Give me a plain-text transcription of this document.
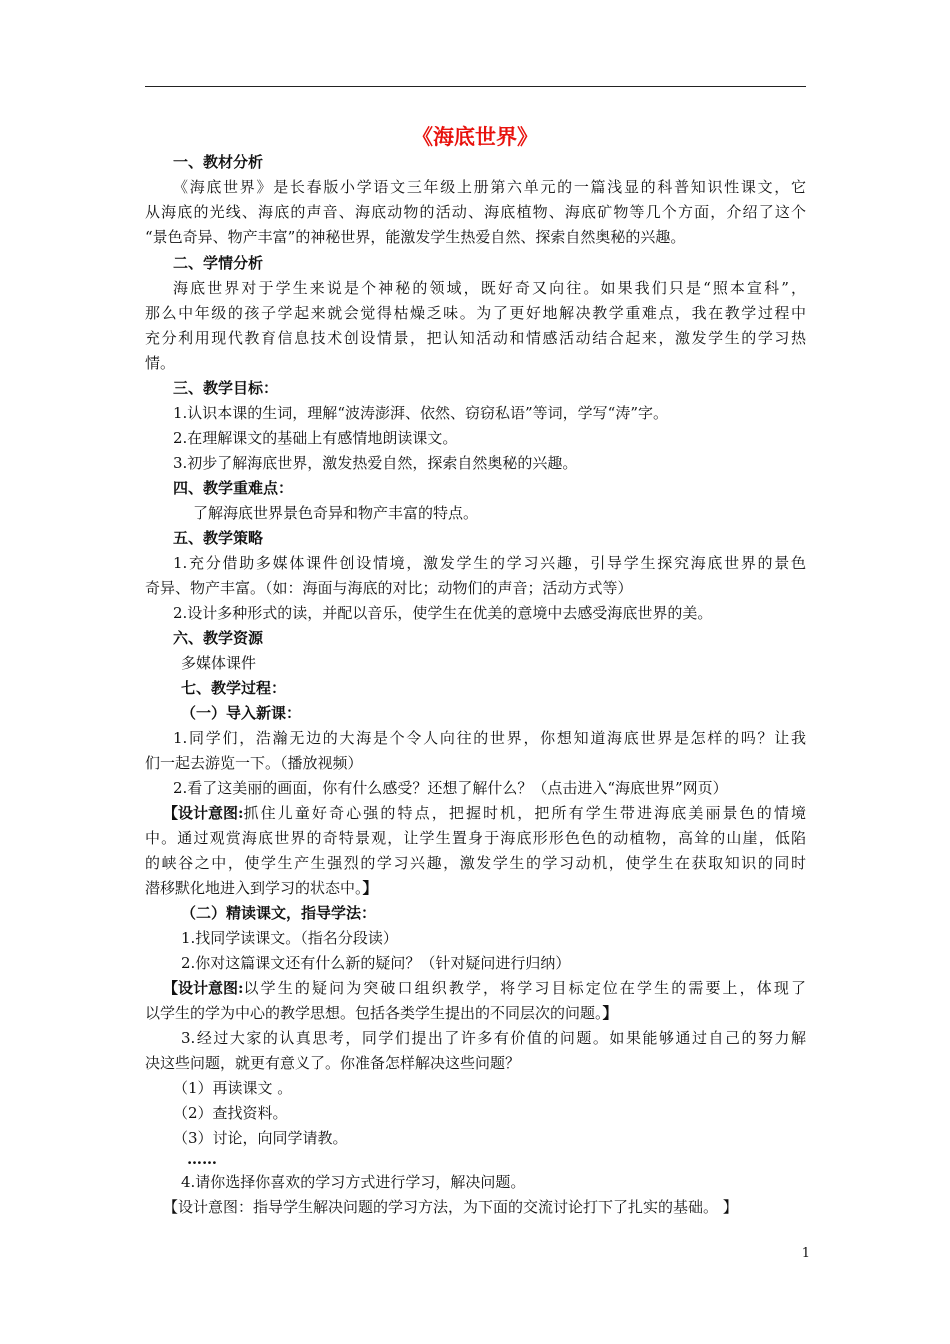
《海底世界》
一、教材分析
《海底世界》是长春版小学语文三年级上册第六单元的一篇浅显的科普知识性课文，它
从海底的光线、海底的声音、海底动物的活动、海底植物、海底矿物等几个方面，介绍了这个
“景色奇异、物产丰富”的神秘世界，能激发学生热爱自然、探索自然奥秘的兴趣。
二、学情分析
海底世界对于学生来说是个神秘的领域，既好奇又向往。如果我们只是“照本宣科”，
那么中年级的孩子学起来就会觉得枯燥乏味。为了更好地解决教学重难点，我在教学过程中
充分利用现代教育信息技术创设情景，把认知活动和情感活动结合起来，激发学生的学习热
情。
三、教学目标：
1.认识本课的生词，理解“波涛澎湃、依然、窃窃私语”等词，学写“涛”字。
2.在理解课文的基础上有感情地朗读课文。
3.初步了解海底世界，激发热爱自然，探索自然奥秘的兴趣。
四、教学重难点：
了解海底世界景色奇异和物产丰富的特点。
五、教学策略
1.充分借助多媒体课件创设情境，激发学生的学习兴趣，引导学生探究海底世界的景色
奇异、物产丰富。（如：海面与海底的对比；动物们的声音；活动方式等）
2.设计多种形式的读，并配以音乐，使学生在优美的意境中去感受海底世界的美。
六、教学资源
多媒体课件
七、教学过程：
（一）导入新课：
1.同学们，浩瀚无边的大海是个令人向往的世界，你想知道海底世界是怎样的吗？让我
们一起去游览一下。（播放视频）
2.看了这美丽的画面，你有什么感受？还想了解什么？（点击进入“海底世界”网页）
【设计意图: 抓住儿童好奇心强的特点，把握时机，把所有学生带进海底美丽景色的情境
中。通过观赏海底世界的奇特景观，让学生置身于海底形形色色的动植物，高耸的山崖，低陷
的峡谷之中，使学生产生强烈的学习兴趣，激发学生的学习动机，使学生在获取知识的同时
潜移默化地进入到学习的状态中。】
（二）精读课文，指导学法：
1.找同学读课文。（指名分段读）
2.你对这篇课文还有什么新的疑问？（针对疑问进行归纳）
【设计意图: 以学生的疑问为突破口组织教学，将学习目标定位在学生的需要上，体现了
以学生的学为中心的教学思想。包括各类学生提出的不同层次的问题。】
3.经过大家的认真思考，同学们提出了许多有价值的问题。如果能够通过自己的努力解
决这些问题，就更有意义了。你准备怎样解决这些问题？
（1）再读课文 。
（2）查找资料。
（3）讨论，向同学请教。
……
4.请你选择你喜欢的学习方式进行学习，解决问题。
【设计意图：指导学生解决问题的学习方法，为下面的交流讨论打下了扎实的基础。 】
1
